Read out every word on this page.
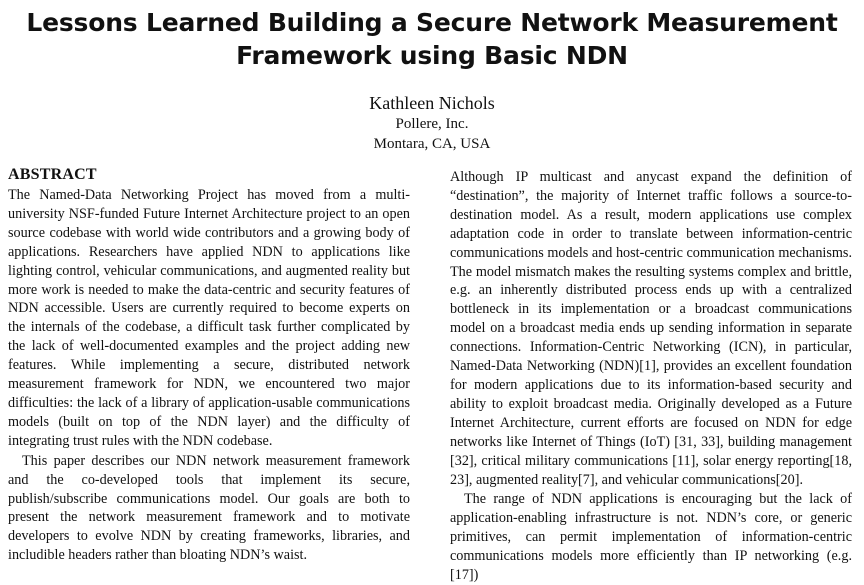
Lessons Learned Building a Secure Network Measurement
Framework using Basic NDN
Kathleen Nichols
Pollere, Inc.
Montara, CA, USA
ABSTRACT

The Named-Data Networking Project has moved from a multi-university NSF-funded Future Internet Architecture project to an open source codebase with world wide contributors and a growing body of applications. Researchers have applied NDN to applications like lighting control, vehicular communications, and augmented reality but more work is needed to make the data-centric and security features of NDN accessible. Users are currently required to become experts on the internals of the codebase, a difficult task further complicated by the lack of well-documented examples and the project adding new features. While implementing a secure, distributed network measurement framework for NDN, we encountered two major difficulties: the lack of a library of application-usable communications models (built on top of the NDN layer) and the difficulty of integrating trust rules with the NDN codebase.

This paper describes our NDN network measurement framework and the co-developed tools that implement its secure, publish/subscribe communications model. Our goals are both to present the network measurement framework and to motivate developers to evolve NDN by creating frameworks, libraries, and includible headers rather than bloating NDN’s waist.

Although IP multicast and anycast expand the definition of “destination”, the majority of Internet traffic follows a source-to-destination model. As a result, modern applications use complex adaptation code in order to translate between information-centric communications models and host-centric communication mechanisms. The model mismatch makes the resulting systems complex and brittle, e.g. an inherently distributed process ends up with a centralized bottleneck in its implementation or a broadcast communications model on a broadcast media ends up sending information in separate connections. Information-Centric Networking (ICN), in particular, Named-Data Networking (NDN)[1], provides an excellent foundation for modern applications due to its information-based security and ability to exploit broadcast media. Originally developed as a Future Internet Architecture, current efforts are focused on NDN for edge networks like Internet of Things (IoT) [31, 33], building management [32], critical military communications [11], solar energy reporting[18, 23], augmented reality[7], and vehicular communications[20].

The range of NDN applications is encouraging but the lack of application-enabling infrastructure is not. NDN’s core, or generic primitives, can permit implementation of information-centric communications models more efficiently than IP networking (e.g. [17])
